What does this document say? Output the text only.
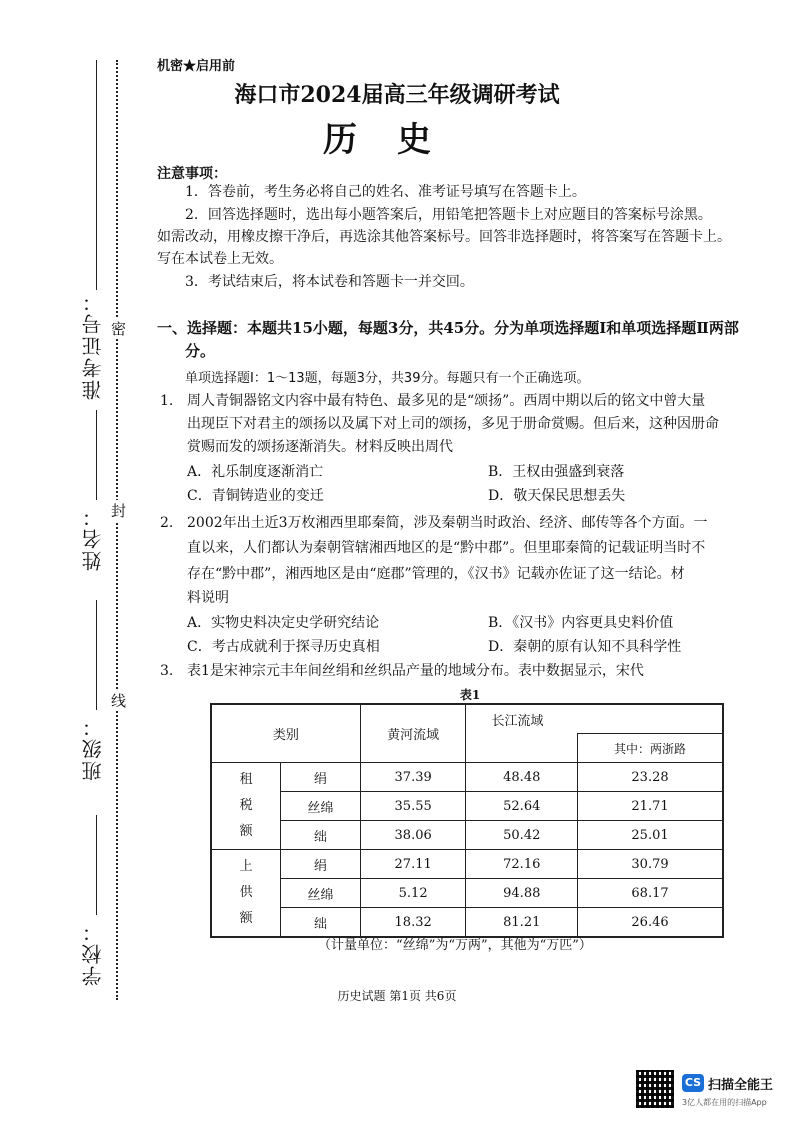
准考证号：
姓名：
班级：
学校：
密
封
线
机密★启用前
海口市2024届高三年级调研考试
历史
注意事项：
1．答卷前，考生务必将自己的姓名、准考证号填写在答题卡上。
2．回答选择题时，选出每小题答案后，用铅笔把答题卡上对应题目的答案标号涂黑。
如需改动，用橡皮擦干净后，再选涂其他答案标号。回答非选择题时，将答案写在答题卡上。
写在本试卷上无效。
3．考试结束后，将本试卷和答题卡一并交回。
一、选择题：本题共15小题，每题3分，共45分。分为单项选择题Ⅰ和单项选择题Ⅱ两部
分。
单项选择题Ⅰ：1～13题，每题3分，共39分。每题只有一个正确选项。
1. 周人青铜器铭文内容中最有特色、最多见的是“颂扬”。西周中期以后的铭文中曾大量
出现臣下对君主的颂扬以及属下对上司的颂扬，多见于册命赏赐。但后来，这种因册命
赏赐而发的颂扬逐渐消失。材料反映出周代
A．礼乐制度逐渐消亡	B．王权由强盛到衰落
C．青铜铸造业的变迁	D．敬天保民思想丢失
2. 2002年出土近3万枚湘西里耶秦简，涉及秦朝当时政治、经济、邮传等各个方面。一
直以来，人们都认为秦朝管辖湘西地区的是“黔中郡”。但里耶秦简的记载证明当时不
存在“黔中郡”，湘西地区是由“庭郡”管理的，《汉书》记载亦佐证了这一结论。材
料说明
A．实物史料决定史学研究结论	B．《汉书》内容更具史料价值
C．考古成就利于探寻历史真相	D．秦朝的原有认知不具科学性
3. 表1是宋神宗元丰年间丝绢和丝织品产量的地域分布。表中数据显示，宋代
表1
类别		黄河流域	长江流域	
				其中：两浙路
租
税
额	绢	37.39	48.48	23.28
	丝绵	35.55	52.64	21.71
	绌	38.06	50.42	25.01
上
供
额	绢	27.11	72.16	30.79
	丝绵	5.12	94.88	68.17
	绌	18.32	81.21	26.46
（计量单位：“丝绵”为“万两”，其他为“万匹”）
历史试题 第1页 共6页
CS 扫描全能王
3亿人都在用的扫描App
